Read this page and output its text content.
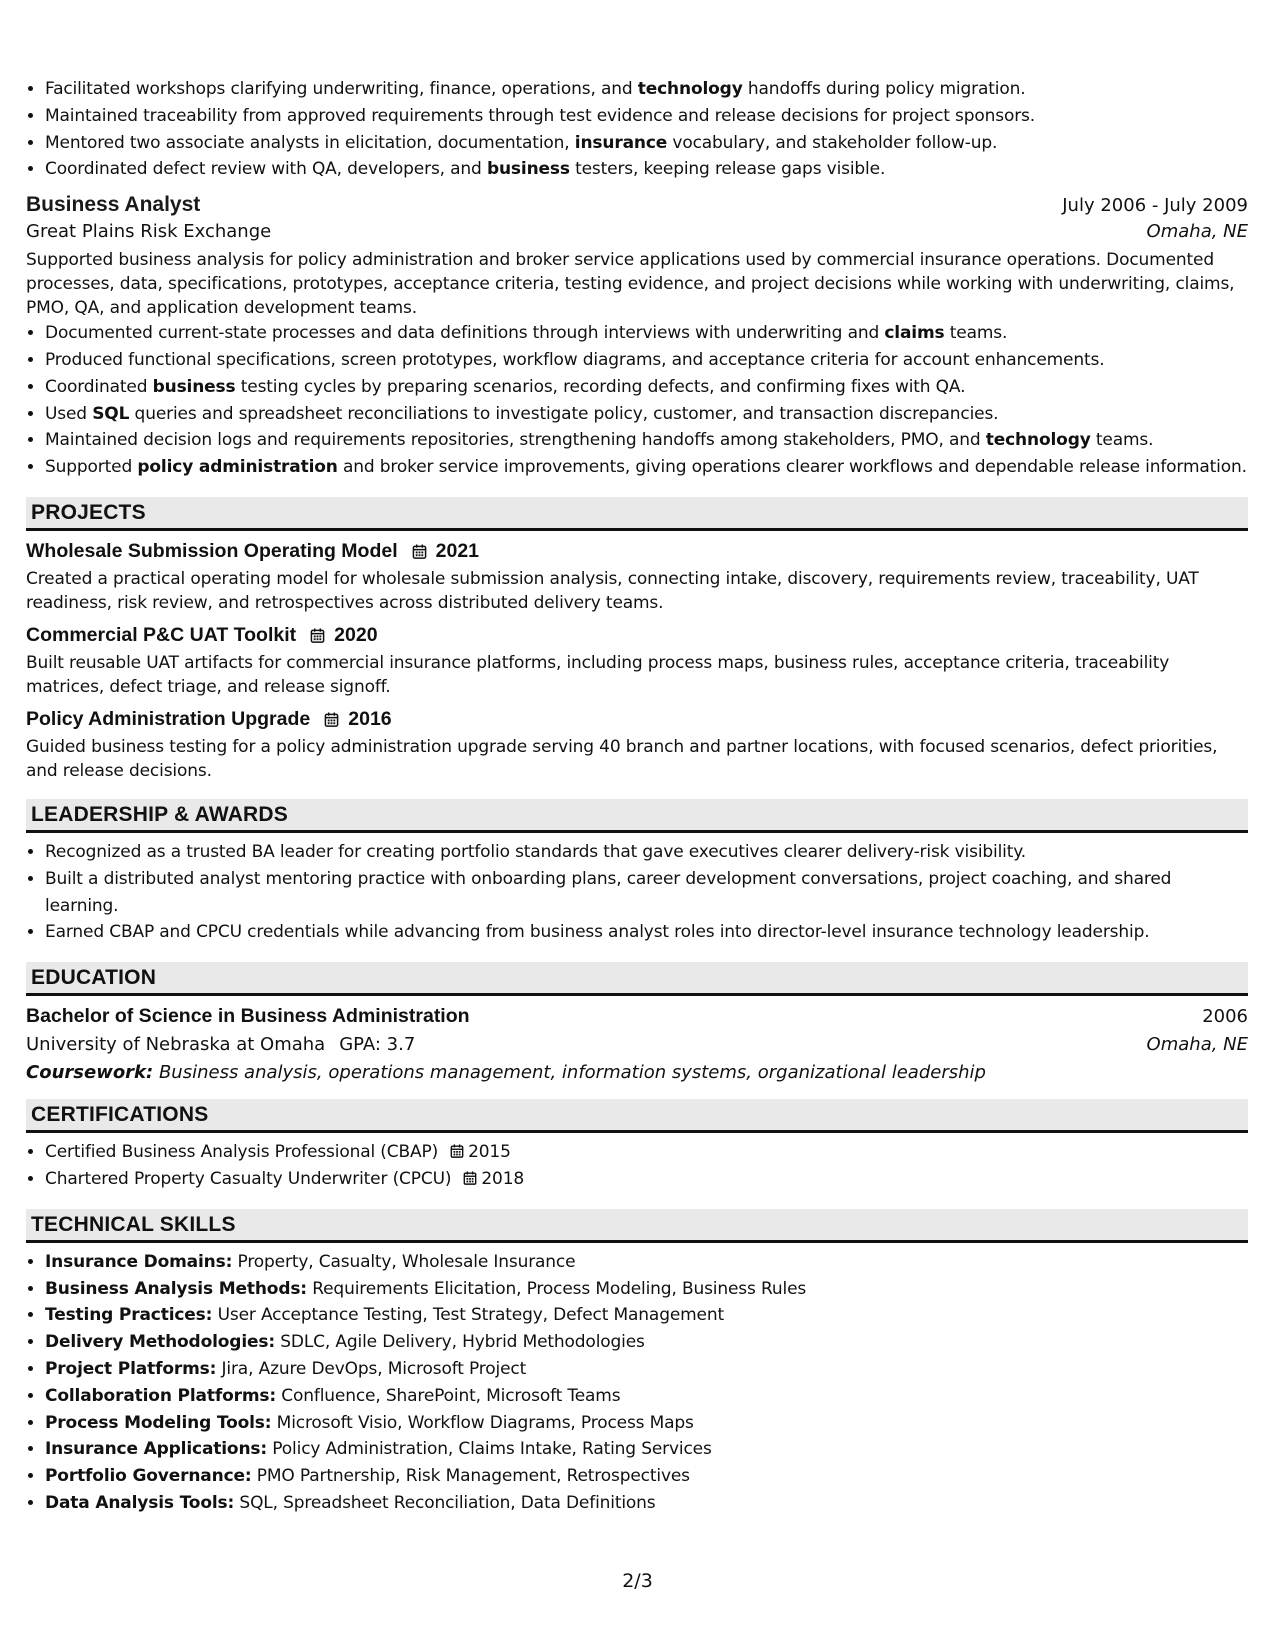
• Facilitated workshops clarifying underwriting, finance, operations, and technology handoffs during policy migration.
• Maintained traceability from approved requirements through test evidence and release decisions for project sponsors.
• Mentored two associate analysts in elicitation, documentation, insurance vocabulary, and stakeholder follow-up.
• Coordinated defect review with QA, developers, and business testers, keeping release gaps visible.
Business Analyst	July 2006 - July 2009
Great Plains Risk Exchange	Omaha, NE
Supported business analysis for policy administration and broker service applications used by commercial insurance operations. Documented processes, data, specifications, prototypes, acceptance criteria, testing evidence, and project decisions while working with underwriting, claims, PMO, QA, and application development teams.
• Documented current-state processes and data definitions through interviews with underwriting and claims teams.
• Produced functional specifications, screen prototypes, workflow diagrams, and acceptance criteria for account enhancements.
• Coordinated business testing cycles by preparing scenarios, recording defects, and confirming fixes with QA.
• Used SQL queries and spreadsheet reconciliations to investigate policy, customer, and transaction discrepancies.
• Maintained decision logs and requirements repositories, strengthening handoffs among stakeholders, PMO, and technology teams.
• Supported policy administration and broker service improvements, giving operations clearer workflows and dependable release information.
PROJECTS
Wholesale Submission Operating Model 2021
Created a practical operating model for wholesale submission analysis, connecting intake, discovery, requirements review, traceability, UAT readiness, risk review, and retrospectives across distributed delivery teams.
Commercial P&C UAT Toolkit 2020
Built reusable UAT artifacts for commercial insurance platforms, including process maps, business rules, acceptance criteria, traceability matrices, defect triage, and release signoff.
Policy Administration Upgrade 2016
Guided business testing for a policy administration upgrade serving 40 branch and partner locations, with focused scenarios, defect priorities, and release decisions.
LEADERSHIP & AWARDS
• Recognized as a trusted BA leader for creating portfolio standards that gave executives clearer delivery-risk visibility.
• Built a distributed analyst mentoring practice with onboarding plans, career development conversations, project coaching, and shared learning.
• Earned CBAP and CPCU credentials while advancing from business analyst roles into director-level insurance technology leadership.
EDUCATION
Bachelor of Science in Business Administration	2006
University of Nebraska at Omaha GPA: 3.7	Omaha, NE
Coursework: Business analysis, operations management, information systems, organizational leadership
CERTIFICATIONS
• Certified Business Analysis Professional (CBAP) 2015
• Chartered Property Casualty Underwriter (CPCU) 2018
TECHNICAL SKILLS
• Insurance Domains: Property, Casualty, Wholesale Insurance
• Business Analysis Methods: Requirements Elicitation, Process Modeling, Business Rules
• Testing Practices: User Acceptance Testing, Test Strategy, Defect Management
• Delivery Methodologies: SDLC, Agile Delivery, Hybrid Methodologies
• Project Platforms: Jira, Azure DevOps, Microsoft Project
• Collaboration Platforms: Confluence, SharePoint, Microsoft Teams
• Process Modeling Tools: Microsoft Visio, Workflow Diagrams, Process Maps
• Insurance Applications: Policy Administration, Claims Intake, Rating Services
• Portfolio Governance: PMO Partnership, Risk Management, Retrospectives
• Data Analysis Tools: SQL, Spreadsheet Reconciliation, Data Definitions
2/3
